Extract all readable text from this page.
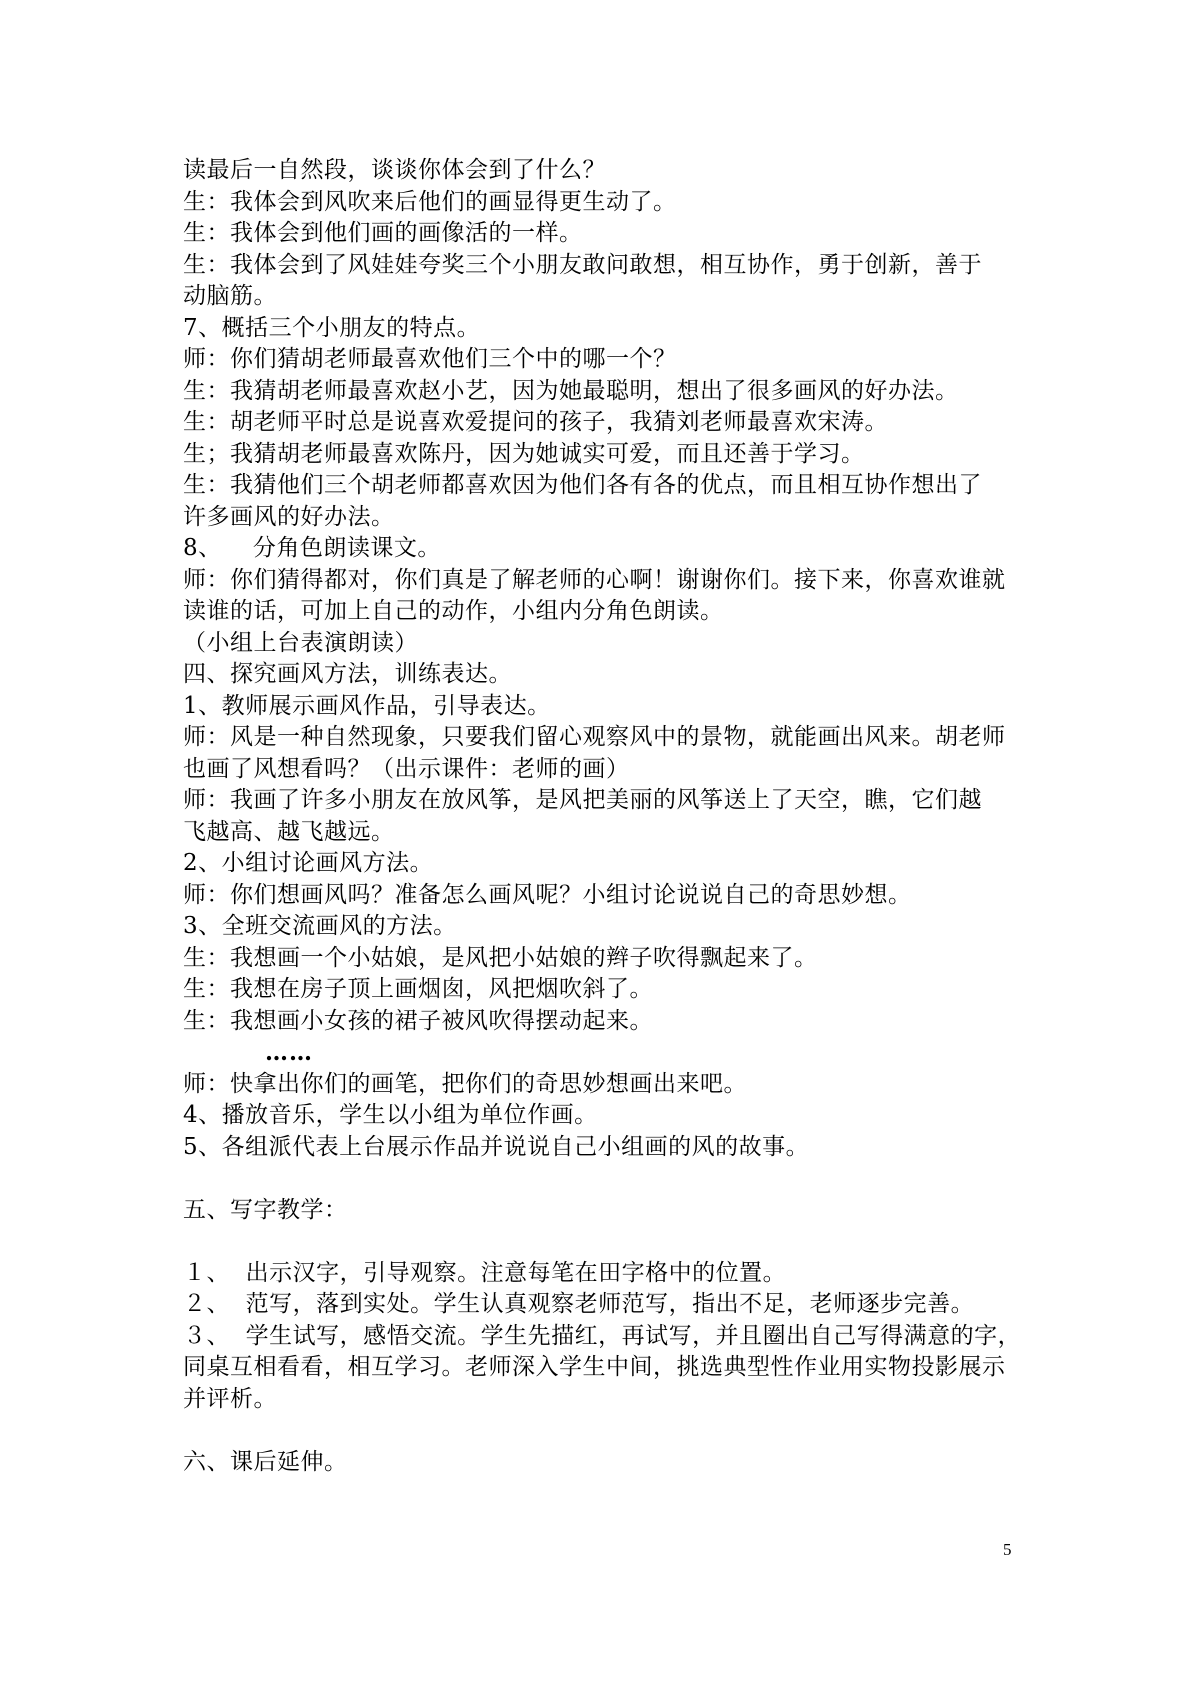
读最后一自然段，谈谈你体会到了什么？
生：我体会到风吹来后他们的画显得更生动了。
生：我体会到他们画的画像活的一样。
生：我体会到了风娃娃夸奖三个小朋友敢问敢想，相互协作，勇于创新，善于
动脑筋。
7、概括三个小朋友的特点。
师：你们猜胡老师最喜欢他们三个中的哪一个？
生：我猜胡老师最喜欢赵小艺，因为她最聪明，想出了很多画风的好办法。
生：胡老师平时总是说喜欢爱提问的孩子，我猜刘老师最喜欢宋涛。
生；我猜胡老师最喜欢陈丹，因为她诚实可爱，而且还善于学习。
生：我猜他们三个胡老师都喜欢因为他们各有各的优点，而且相互协作想出了
许多画风的好办法。
8、    分角色朗读课文。
师：你们猜得都对，你们真是了解老师的心啊！谢谢你们。接下来，你喜欢谁就
读谁的话，可加上自己的动作，小组内分角色朗读。
（小组上台表演朗读）
四、探究画风方法，训练表达。
1、教师展示画风作品，引导表达。
师：风是一种自然现象，只要我们留心观察风中的景物，就能画出风来。胡老师
也画了风想看吗？（出示课件：老师的画）
师：我画了许多小朋友在放风筝，是风把美丽的风筝送上了天空，瞧，它们越
飞越高、越飞越远。
2、小组讨论画风方法。
师：你们想画风吗？准备怎么画风呢？小组讨论说说自己的奇思妙想。
3、全班交流画风的方法。
生：我想画一个小姑娘，是风把小姑娘的辫子吹得飘起来了。
生：我想在房子顶上画烟囱，风把烟吹斜了。
生：我想画小女孩的裙子被风吹得摆动起来。
……
师：快拿出你们的画笔，把你们的奇思妙想画出来吧。
4、播放音乐，学生以小组为单位作画。
5、各组派代表上台展示作品并说说自己小组画的风的故事。
五、写字教学：
１、  出示汉字，引导观察。注意每笔在田字格中的位置。
２、  范写，落到实处。学生认真观察老师范写，指出不足，老师逐步完善。
３、  学生试写，感悟交流。学生先描红，再试写，并且圈出自己写得满意的字，
同桌互相看看，相互学习。老师深入学生中间，挑选典型性作业用实物投影展示
并评析。
六、课后延伸。
5
